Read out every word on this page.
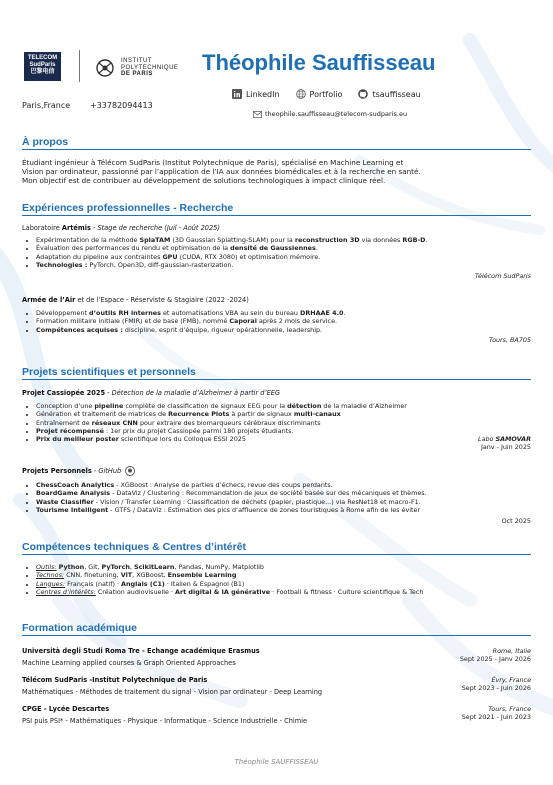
TELECOM
SudParis
巴黎电信
INSTITUT
POLYTECHNIQUE
DE PARIS	Théophile Sauffisseau
Paris,France +33782094413
LinkedIn	Portfolio	tsauffisseau
theophile.sauffisseau@telecom-sudparis.eu
À propos
Étudiant ingénieur à Télécom SudParis (Institut Polytechnique de Paris), spécialisé en Machine Learning et
Vision par ordinateur, passionné par l’application de l’IA aux données biomédicales et à la recherche en santé.
Mon objectif est de contribuer au développement de solutions technologiques à impact clinique réel.
Expériences professionnelles - Recherche
Laboratoire Artémis - Stage de recherche (Juil - Août 2025)
• Expérimentation de la méthode SplaTAM (3D Gaussian Splatting-SLAM) pour la reconstruction 3D via données RGB-D.
• Évaluation des performances du rendu et optimisation de la densité de Gaussiennes.
• Adaptation du pipeline aux contraintes GPU (CUDA, RTX 3080) et optimisation mémoire.
• Technologies : PyTorch, Open3D, diff-gaussian-rasterization.
Télécom SudParis
Armée de l’Air et de l’Espace - Réserviste & Stagiaire (2022 -2024)
• Développement d’outils RH internes et automatisations VBA au sein du bureau DRHAAE 4.0.
• Formation militaire initiale (FMIR) et de base (FMB), nommé Caporal après 2 mois de service.
• Compétences acquises : discipline, esprit d’équipe, rigueur opérationnelle, leadership.
Tours, BA705
Projets scientifiques et personnels
Projet Cassiopée 2025 - Détection de la maladie d’Alzheimer à partir d’EEG
• Conception d’une pipeline complète de classification de signaux EEG pour la détection de la maladie d’Alzheimer
• Génération et traitement de matrices de Recurrence Plots à partir de signaux multi-canaux
• Entraînement de réseaux CNN pour extraire des biomarqueurs cérébraux discriminants
• Projet récompensé : 1er prix du projet Cassiopée parmi 180 projets étudiants.
• Prix du meilleur poster scientifique lors du Colloque ESSI 2025	Labo SAMOVAR
Janv - Juin 2025
Projets Personnels - GitHub
• ChessCoach Analytics - XGBoost : Analyse de parties d’échecs, revue des coups perdants.
• BoardGame Analysis - DataViz / Clustering : Recommandation de jeux de société basée sur des mécaniques et thèmes.
• Waste Classifier - Vision / Transfer Learning : Classification de déchets (papier, plastique...) via ResNet18 et macro-F1.
• Tourisme Intelligent - GTFS / DataViz : Estimation des pics d’affluence de zones touristiques à Rome afin de les éviter
Oct 2025
Compétences techniques & Centres d’intérêt
• Outils: Python, Git, PyTorch, ScikitLearn, Pandas, NumPy, Matplotlib
• Technos: CNN, finetuning, ViT, XGBoost, Ensemble Learning
• Langues: Français (natif) · Anglais (C1) · Italien & Espagnol (B1)
• Centres d’intérêts: Création audiovisuelle · Art digital & IA générative · Football & fitness · Culture scientifique & Tech
Formation académique
Università degli Studi Roma Tre - Echange académique Erasmus
Machine Learning applied courses & Graph Oriented Approaches
Rome, Italie
Sept 2025 - Janv 2026
Télécom SudParis -Institut Polytechnique de Paris
Mathématiques - Méthodes de traitement du signal - Vision par ordinateur - Deep Learning
Évry, France
Sept 2023 - Juin 2026
CPGE - Lycée Descartes
PSI puis PSI* - Mathématiques - Physique - Informatique - Science Industrielle - Chimie
Tours, France
Sept 2021 - Juin 2023
Théophile SAUFFISSEAU
